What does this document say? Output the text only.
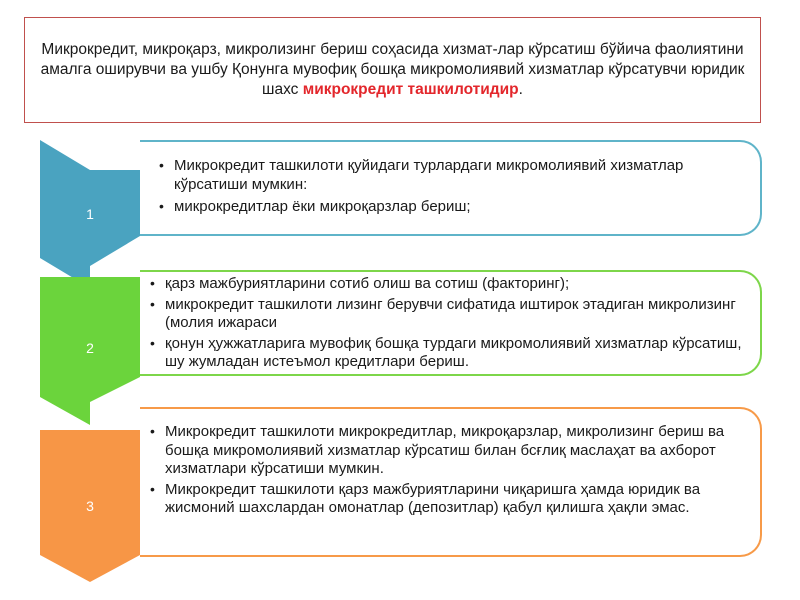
Микрокредит, микроқарз, микролизинг бериш соҳасида хизмат-лар кўрсатиш бўйича фаолиятини амалга оширувчи ва ушбу Қонунга мувофиқ бошқа микромолиявий хизматлар кўрсатувчи юридик шахс микрокредит ташкилотидир.
1
• Микрокредит ташкилоти қуйидаги турлардаги микромолиявий хизматлар кўрсатиши мумкин:
• микрокредитлар ёки микроқарзлар бериш;
2
• қарз мажбуриятларини сотиб олиш ва сотиш (факторинг);
• микрокредит ташкилоти лизинг берувчи сифатида иштирок этадиган микролизинг (молия ижараси
• қонун ҳужжатларига мувофиқ бошқа турдаги микромолиявий хизматлар кўрсатиш, шу жумладан истеъмол кредитлари бериш.
3
• Микрокредит ташкилоти микрокредитлар, микроқарзлар, микролизинг бериш ва бошқа микромолиявий хизматлар кўрсатиш билан бсғлиқ маслаҳат ва ахборот хизматлари кўрсатиши мумкин.
• Микрокредит ташкилоти қарз мажбуриятларини чиқаришга ҳамда юридик ва жисмоний шахслардан омонатлар (депозитлар) қабул қилишга ҳақли эмас.
